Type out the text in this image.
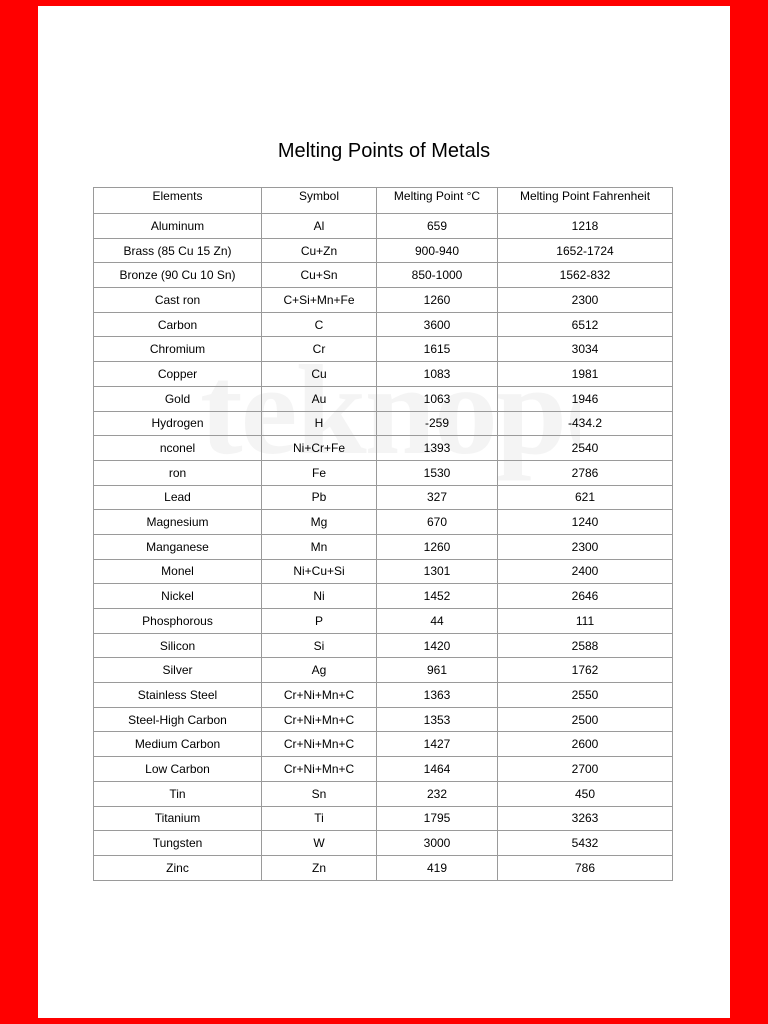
Melting Points of Metals
Elements	Symbol	Melting Point °C	Melting Point Fahrenheit
Aluminum	Al	659	1218
Brass (85 Cu 15 Zn)	Cu+Zn	900-940	1652-1724
Bronze (90 Cu 10 Sn)	Cu+Sn	850-1000	1562-832
Cast ron	C+Si+Mn+Fe	1260	2300
Carbon	C	3600	6512
Chromium	Cr	1615	3034
Copper	Cu	1083	1981
Gold	Au	1063	1946
Hydrogen	H	-259	-434.2
nconel	Ni+Cr+Fe	1393	2540
ron	Fe	1530	2786
Lead	Pb	327	621
Magnesium	Mg	670	1240
Manganese	Mn	1260	2300
Monel	Ni+Cu+Si	1301	2400
Nickel	Ni	1452	2646
Phosphorous	P	44	111
Silicon	Si	1420	2588
Silver	Ag	961	1762
Stainless Steel	Cr+Ni+Mn+C	1363	2550
Steel-High Carbon	Cr+Ni+Mn+C	1353	2500
Medium Carbon	Cr+Ni+Mn+C	1427	2600
Low Carbon	Cr+Ni+Mn+C	1464	2700
Tin	Sn	232	450
Titanium	Ti	1795	3263
Tungsten	W	3000	5432
Zinc	Zn	419	786
